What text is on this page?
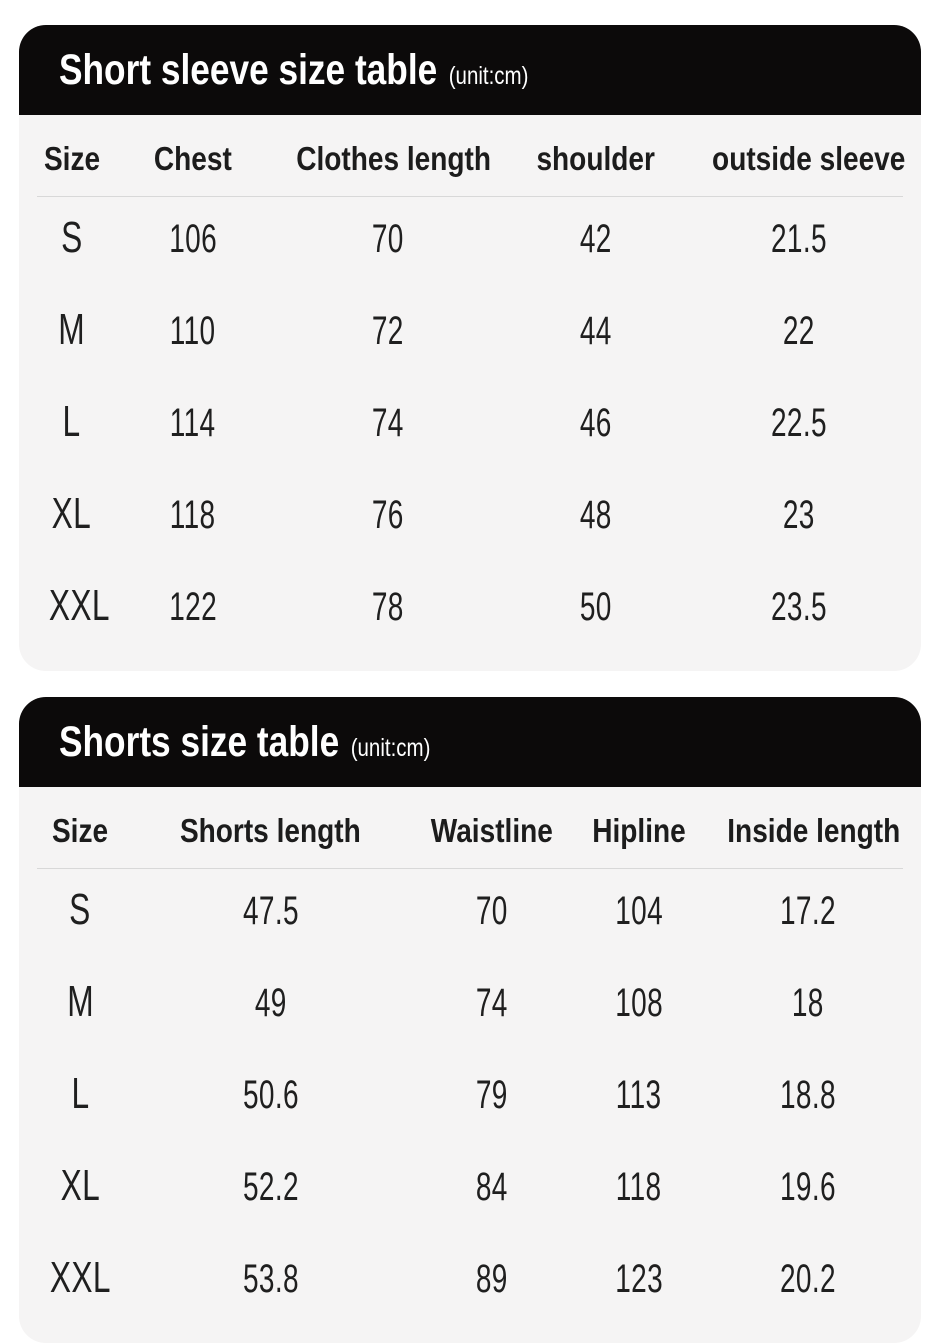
Short sleeve size table (unit:cm)
Size	Chest	Clothes length	shoulder	outside sleeve
S	106	70	42	21.5
M	110	72	44	22
L	114	74	46	22.5
XL	118	76	48	23
XXL	122	78	50	23.5
Shorts size table (unit:cm)
Size	Shorts length	Waistline	Hipline	Inside length
S	47.5	70	104	17.2
M	49	74	108	18
L	50.6	79	113	18.8
XL	52.2	84	118	19.6
XXL	53.8	89	123	20.2
